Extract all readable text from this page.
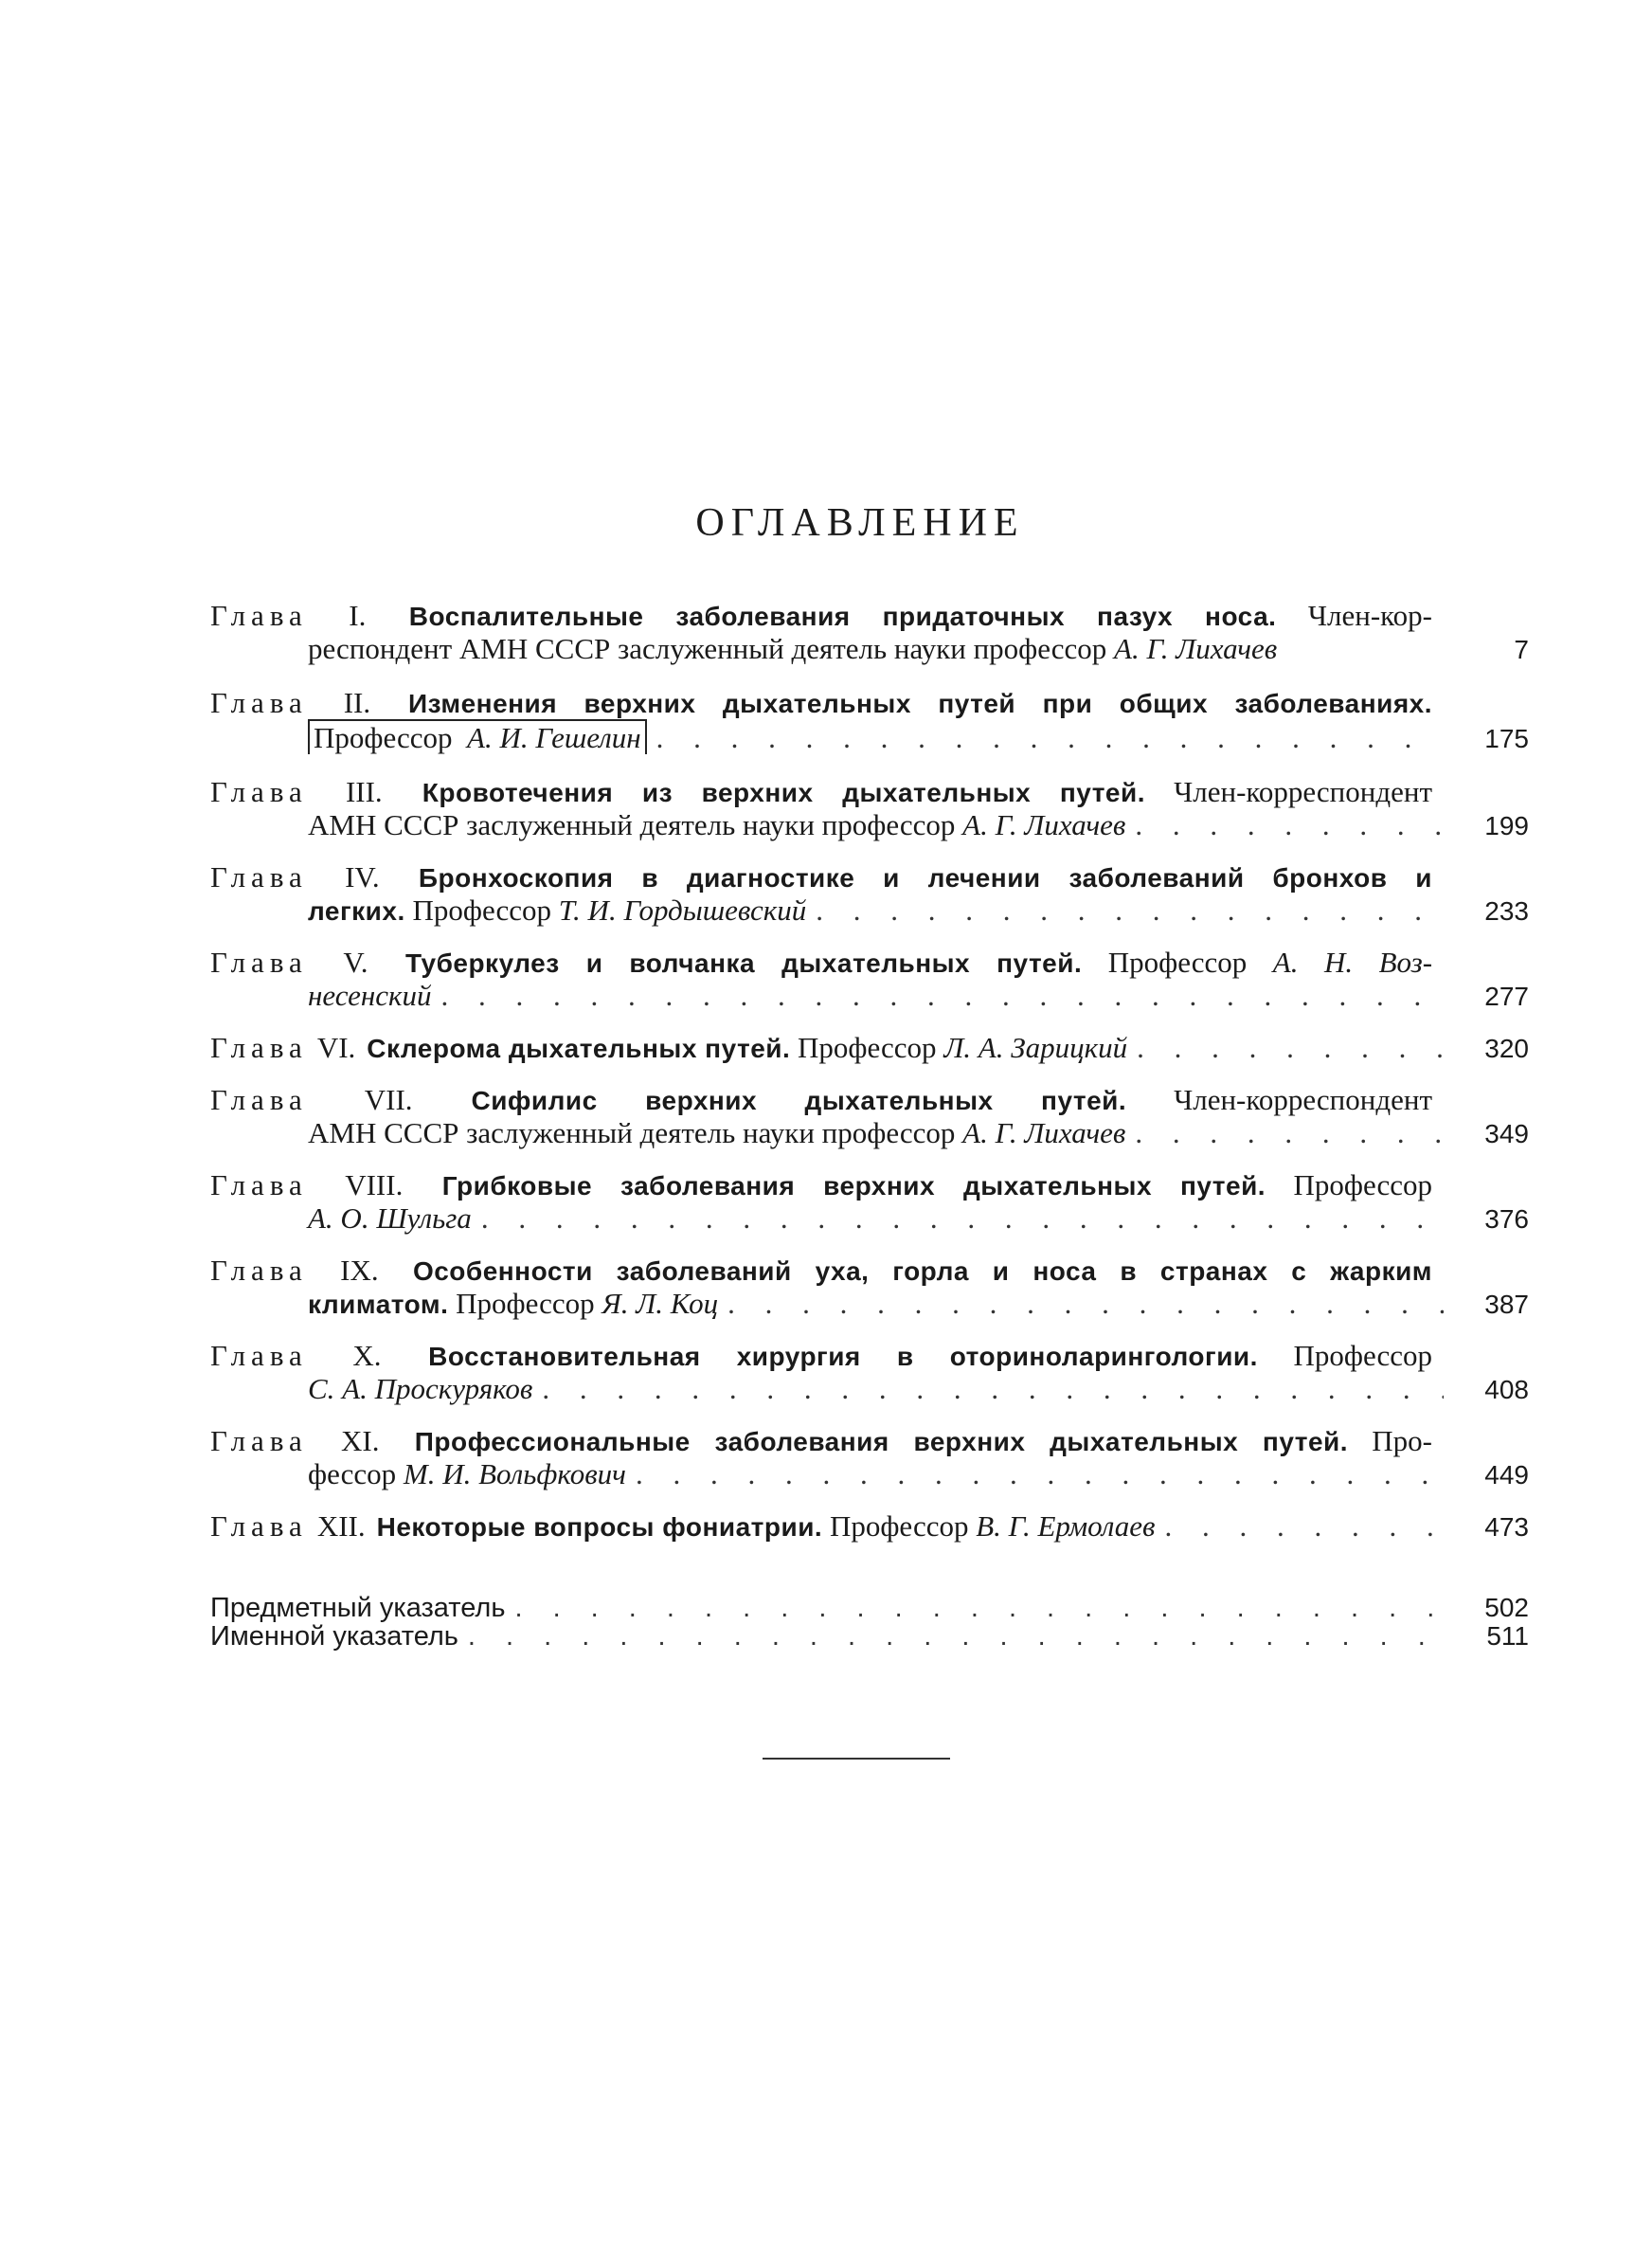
ОГЛАВЛЕНИЕ
Глава I. Воспалительные заболевания придаточных пазух носа. Член-кор-
респондент АМН СССР заслуженный деятель науки профессор
А. Г. Лихачев	7
Глава II. Изменения верхних дыхательных путей при общих заболеваниях.
Профессор А. И. Гешелин . . .	175
Глава III. Кровотечения из верхних дыхательных путей. Член-корреспондент
АМН СССР заслуженный деятель науки профессор
А. Г. Лихачев . . .	199
Глава IV. Бронхоскопия в диагностике и лечении заболеваний бронхов и
легких.
Профессор
Т. И. Гордышевский . . .	233
Глава V. Туберкулез и волчанка дыхательных путей. Профессор А. Н. Воз-
несенский . . .	277
Глава VI. Склерома дыхательных путей.
Профессор
Л. А. Зарицкий . . .	320
Глава VII. Сифилис верхних дыхательных путей. Член-корреспондент
АМН СССР заслуженный деятель науки профессор
А. Г. Лихачев . . .	349
Глава VIII. Грибковые заболевания верхних дыхательных путей. Профессор
А. О. Шульга . . .	376
Глава IX. Особенности заболеваний уха, горла и носа в странах с жарким
климатом.
Профессор
Я. Л. Коц . . .	387
Глава X. Восстановительная хирургия в оториноларингологии. Профессор
С. А. Проскуряков . . .	408
Глава XI. Профессиональные заболевания верхних дыхательных путей. Про-
фессор
М. И. Вольфкович . . .	449
Глава XII. Некоторые вопросы фониатрии.
Профессор
В. Г. Ермолаев . . .	473
Предметный указатель . . .	502
Именной указатель . . .	511
